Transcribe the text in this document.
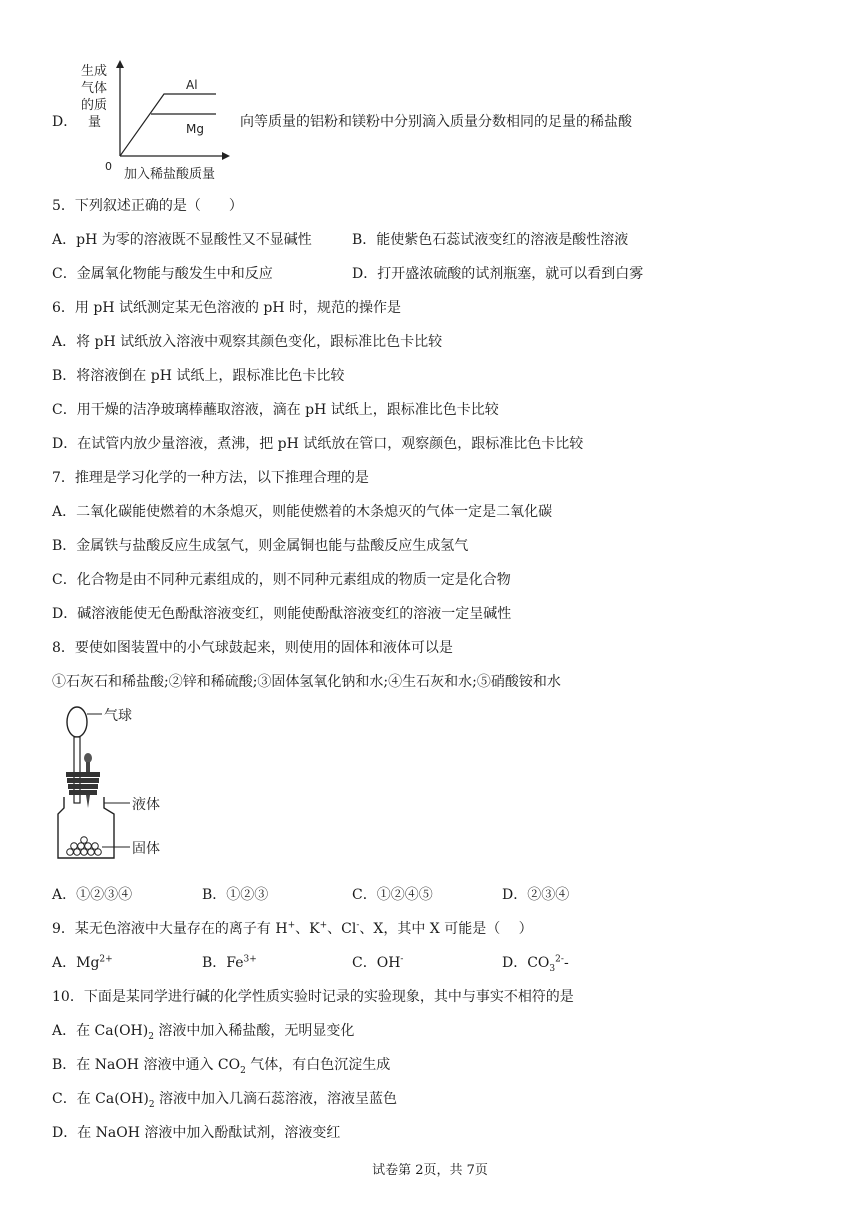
D．
Al
Mg
生成
气体
的质
量
0
加入稀盐酸质量
向等质量的铝粉和镁粉中分别滴入质量分数相同的足量的稀盐酸
5．下列叙述正确的是（　　）
A．pH 为零的溶液既不显酸性又不显碱性	B．能使紫色石蕊试液变红的溶液是酸性溶液
C．金属氧化物能与酸发生中和反应	D．打开盛浓硫酸的试剂瓶塞，就可以看到白雾
6．用 pH 试纸测定某无色溶液的 pH 时，规范的操作是
A．将 pH 试纸放入溶液中观察其颜色变化，跟标准比色卡比较
B．将溶液倒在 pH 试纸上，跟标准比色卡比较
C．用干燥的洁净玻璃棒蘸取溶液，滴在 pH 试纸上，跟标准比色卡比较
D．在试管内放少量溶液，煮沸，把 pH 试纸放在管口，观察颜色，跟标准比色卡比较
7．推理是学习化学的一种方法，以下推理合理的是
A．二氧化碳能使燃着的木条熄灭，则能使燃着的木条熄灭的气体一定是二氧化碳
B．金属铁与盐酸反应生成氢气，则金属铜也能与盐酸反应生成氢气
C．化合物是由不同种元素组成的，则不同种元素组成的物质一定是化合物
D．碱溶液能使无色酚酞溶液变红，则能使酚酞溶液变红的溶液一定呈碱性
8．要使如图装置中的小气球鼓起来，则使用的固体和液体可以是
①石灰石和稀盐酸;②锌和稀硫酸;③固体氢氧化钠和水;④生石灰和水;⑤硝酸铵和水
气球
液体
固体
A．①②③④	B．①②③	C．①②④⑤	D．②③④
9．某无色溶液中大量存在的离子有 H+、K+、Cl-、X，其中 X 可能是（　 ）
A．$Mg^{2+}$	B．$Fe^{3+}$	C．OH-	D．$CO_3^{2-}-$
10．下面是某同学进行碱的化学性质实验时记录的实验现象，其中与事实不相符的是
A．在 $Ca(OH)_2$ 溶液中加入稀盐酸，无明显变化
B．在 NaOH 溶液中通入 $CO_2$ 气体，有白色沉淀生成
C．在 $Ca(OH)_2$ 溶液中加入几滴石蕊溶液，溶液呈蓝色
D．在 NaOH 溶液中加入酚酞试剂，溶液变红
试卷第 2页，共 7页
